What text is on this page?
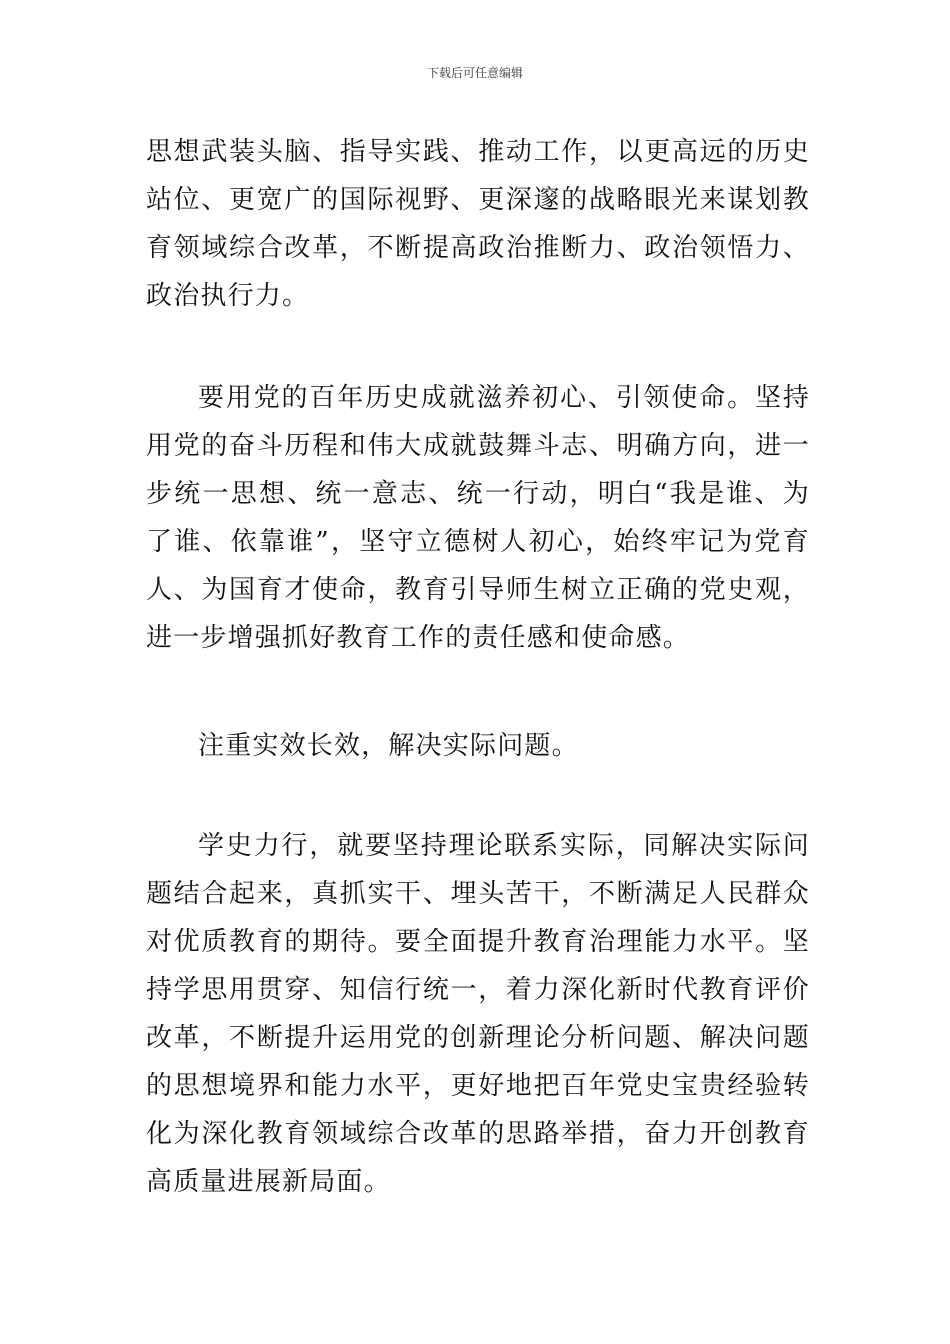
下载后可任意编辑

思想武装头脑、指导实践、推动工作，以更高远的历史站位、更宽广的国际视野、更深邃的战略眼光来谋划教育领域综合改革，不断提高政治推断力、政治领悟力、政治执行力。

要用党的百年历史成就滋养初心、引领使命。坚持用党的奋斗历程和伟大成就鼓舞斗志、明确方向，进一步统一思想、统一意志、统一行动，明白“我是谁、为了谁、依靠谁”，坚守立德树人初心，始终牢记为党育人、为国育才使命，教育引导师生树立正确的党史观，进一步增强抓好教育工作的责任感和使命感。

注重实效长效，解决实际问题。

学史力行，就要坚持理论联系实际，同解决实际问题结合起来，真抓实干、埋头苦干，不断满足人民群众对优质教育的期待。要全面提升教育治理能力水平。坚持学思用贯穿、知信行统一，着力深化新时代教育评价改革，不断提升运用党的创新理论分析问题、解决问题的思想境界和能力水平，更好地把百年党史宝贵经验转化为深化教育领域综合改革的思路举措，奋力开创教育高质量进展新局面。
